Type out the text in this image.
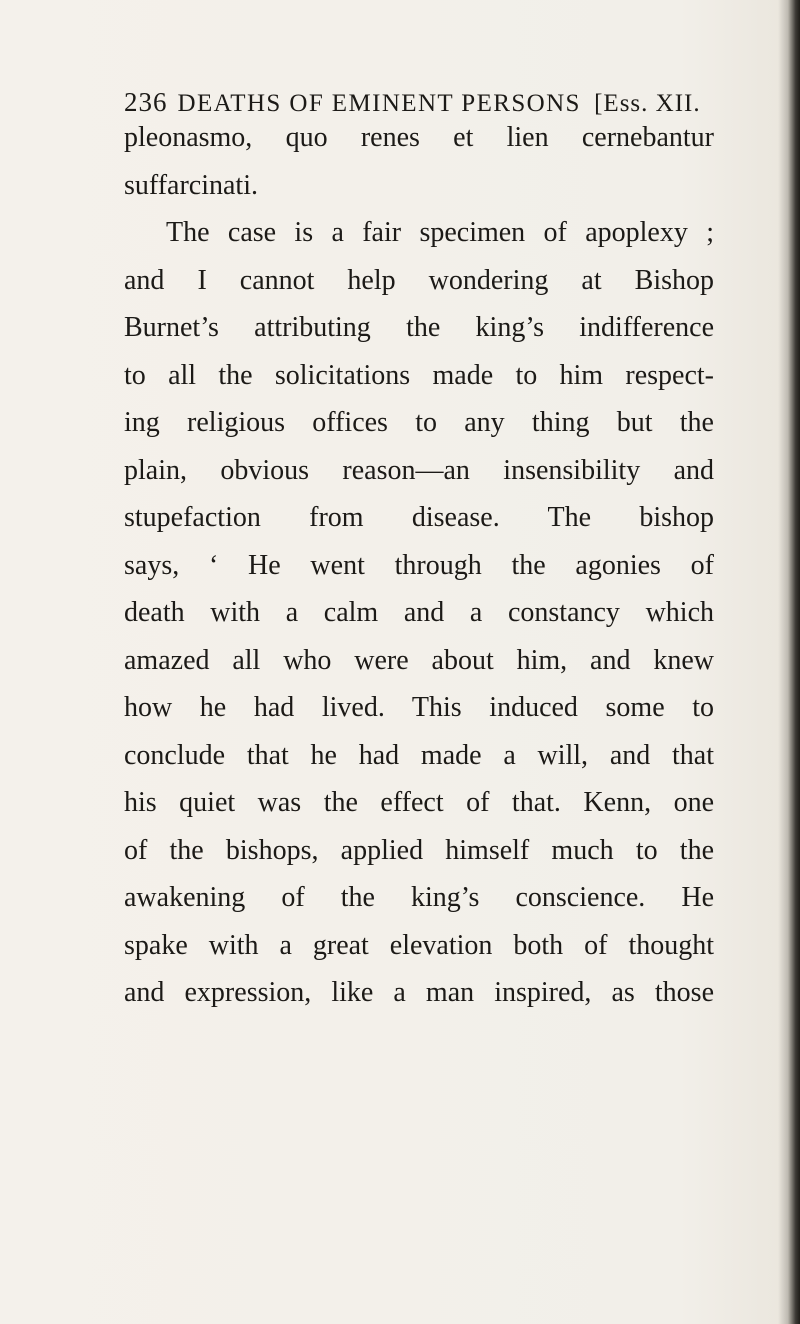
236 DEATHS OF EMINENT PERSONS [Ess. XII.
pleonasmo, quo renes et lien cernebantur
suffarcinati.
The case is a fair specimen of apoplexy ;
and I cannot help wondering at Bishop
Burnet’s attributing the king’s indifference
to all the solicitations made to him respect-
ing religious offices to any thing but the
plain, obvious reason—an insensibility and
stupefaction from disease. The bishop
says, ‘ He went through the agonies of
death with a calm and a constancy which
amazed all who were about him, and knew
how he had lived. This induced some to
conclude that he had made a will, and that
his quiet was the effect of that. Kenn, one
of the bishops, applied himself much to the
awakening of the king’s conscience. He
spake with a great elevation both of thought
and expression, like a man inspired, as those
